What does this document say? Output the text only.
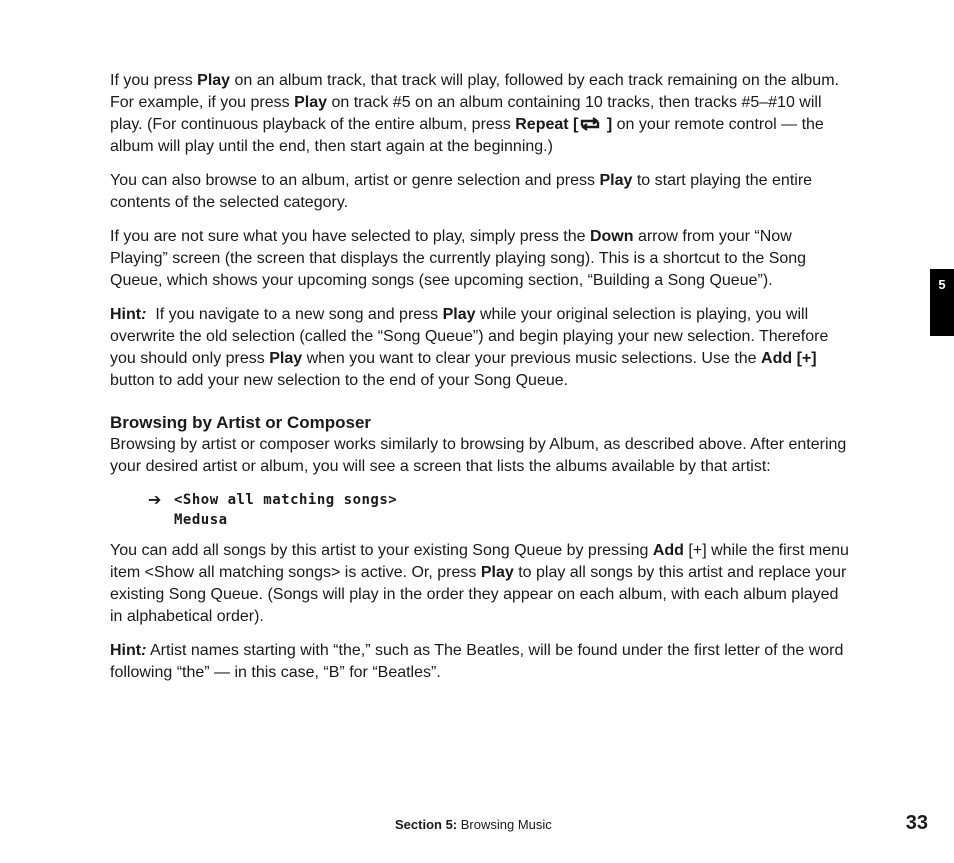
If you press Play on an album track, that track will play, followed by each track remaining on the album. For example, if you press Play on track #5 on an album containing 10 tracks, then tracks #5–#10 will play. (For continuous playback of the entire album, press Repeat [ ] on your remote control — the album will play until the end, then start again at the beginning.)

You can also browse to an album, artist or genre selection and press Play to start playing the entire contents of the selected category.

If you are not sure what you have selected to play, simply press the Down arrow from your “Now Playing” screen (the screen that displays the currently playing song). This is a shortcut to the Song Queue, which shows your upcoming songs (see upcoming section, “Building a Song Queue”).

Hint:  If you navigate to a new song and press Play while your original selection is playing, you will overwrite the old selection (called the “Song Queue”) and begin playing your new selection. Therefore you should only press Play when you want to clear your previous music selections. Use the Add [+] button to add your new selection to the end of your Song Queue.

Browsing by Artist or Composer

Browsing by artist or composer works similarly to browsing by Album, as described above. After entering your desired artist or album, you will see a screen that lists the albums available by that artist:

➔ <Show all matching songs>
Medusa

You can add all songs by this artist to your existing Song Queue by pressing Add [+] while the first menu item <Show all matching songs> is active. Or, press Play to play all songs by this artist and replace your existing Song Queue. (Songs will play in the order they appear on each album, with each album played in alphabetical order).

Hint: Artist names starting with “the,” such as The Beatles, will be found under the first letter of the word following “the” — in this case, “B” for “Beatles”.

5
Section 5: Browsing Music	33
